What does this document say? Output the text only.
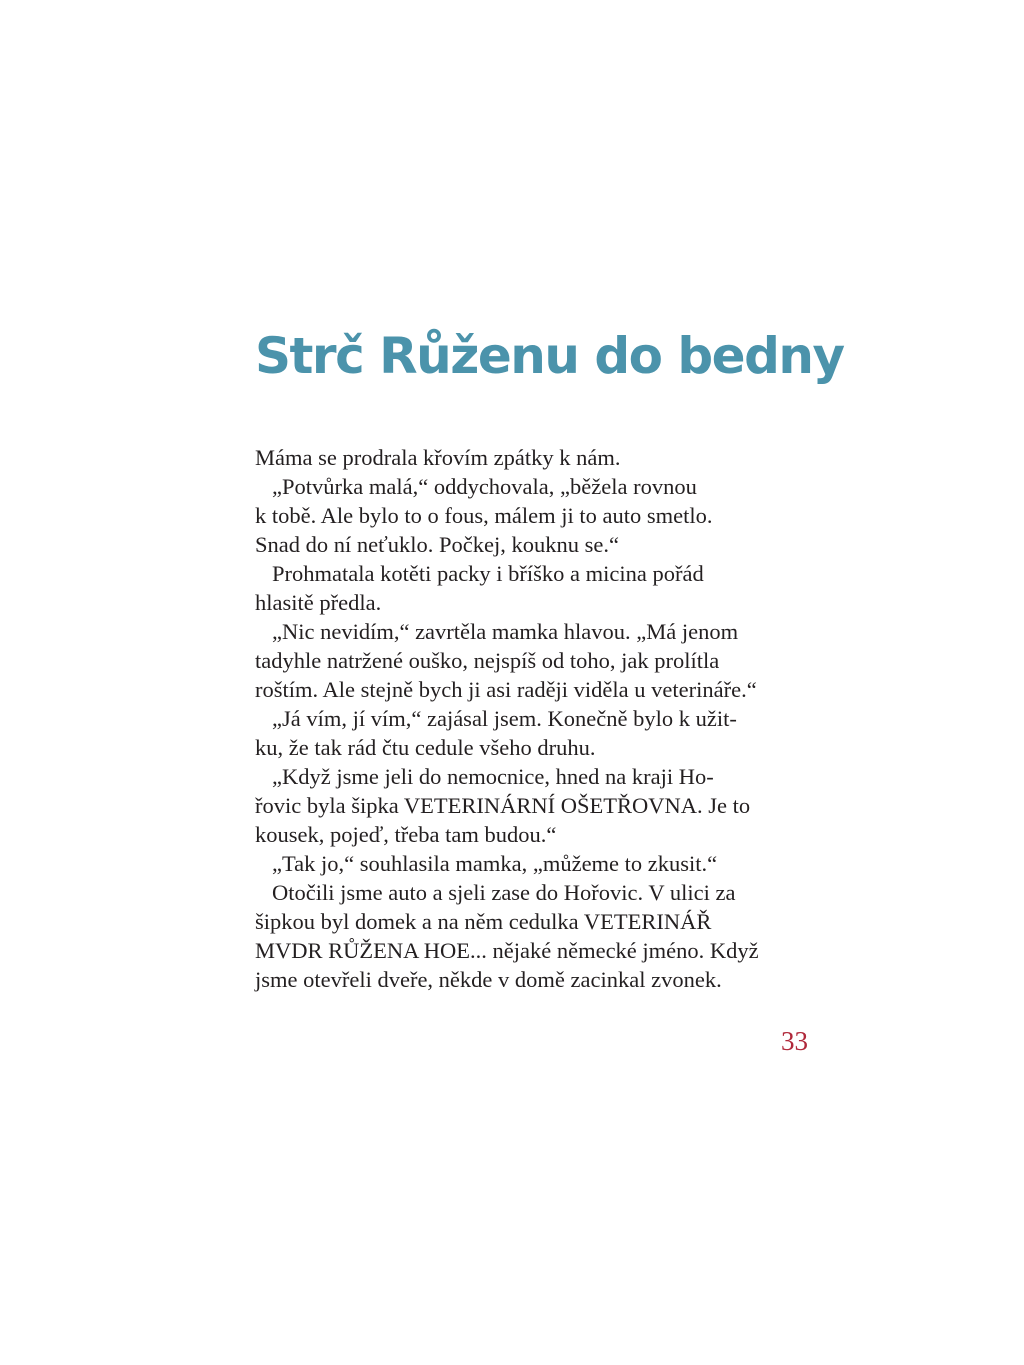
Strč Růženu do bedny
Máma se prodrala křovím zpátky k nám.
„Potvůrka malá,“ oddychovala, „běžela rovnou
k tobě. Ale bylo to o fous, málem ji to auto smetlo.
Snad do ní neťuklo. Počkej, kouknu se.“
Prohmatala kotěti packy i bříško a micina pořád
hlasitě předla.
„Nic nevidím,“ zavrtěla mamka hlavou. „Má jenom
tadyhle natržené ouško, nejspíš od toho, jak prolítla
roštím. Ale stejně bych ji asi raději viděla u veterináře.“
„Já vím, jí vím,“ zajásal jsem. Konečně bylo k užit-
ku, že tak rád čtu cedule všeho druhu.
„Když jsme jeli do nemocnice, hned na kraji Ho-
řovic byla šipka VETERINÁRNÍ OŠETŘOVNA. Je to
kousek, pojeď, třeba tam budou.“
„Tak jo,“ souhlasila mamka, „můžeme to zkusit.“
Otočili jsme auto a sjeli zase do Hořovic. V ulici za
šipkou byl domek a na něm cedulka VETERINÁŘ
MVDR RŮŽENA HOE... nějaké německé jméno. Když
jsme otevřeli dveře, někde v domě zacinkal zvonek.
33
